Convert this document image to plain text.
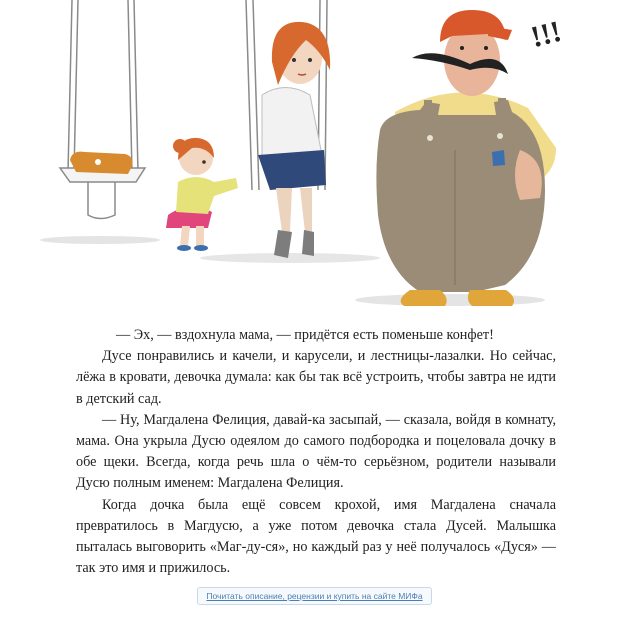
!!!

— Эх, — вздохнула мама, — придётся есть поменьше конфет!

Дусе понравились и качели, и карусели, и лестницы-лазалки. Но сейчас, лёжа в кровати, девочка думала: как бы так всё устроить, чтобы завтра не идти в детский сад.

— Ну, Магдалена Фелиция, давай-ка засыпай, — сказала, войдя в комнату, мама. Она укрыла Дусю одеялом до самого подбородка и поцеловала дочку в обе щеки. Всегда, когда речь шла о чём-то серьёзном, родители называли Дусю полным именем: Магдалена Фелиция.

Когда дочка была ещё совсем крохой, имя Магдалена сначала превратилось в Магдусю, а уже потом девочка стала Дусей. Малышка пыталась выговорить «Маг-ду-ся», но каждый раз у неё получалось «Дуся» — так это имя и прижилось.

Почитать описание, рецензии и купить на сайте МИФа
